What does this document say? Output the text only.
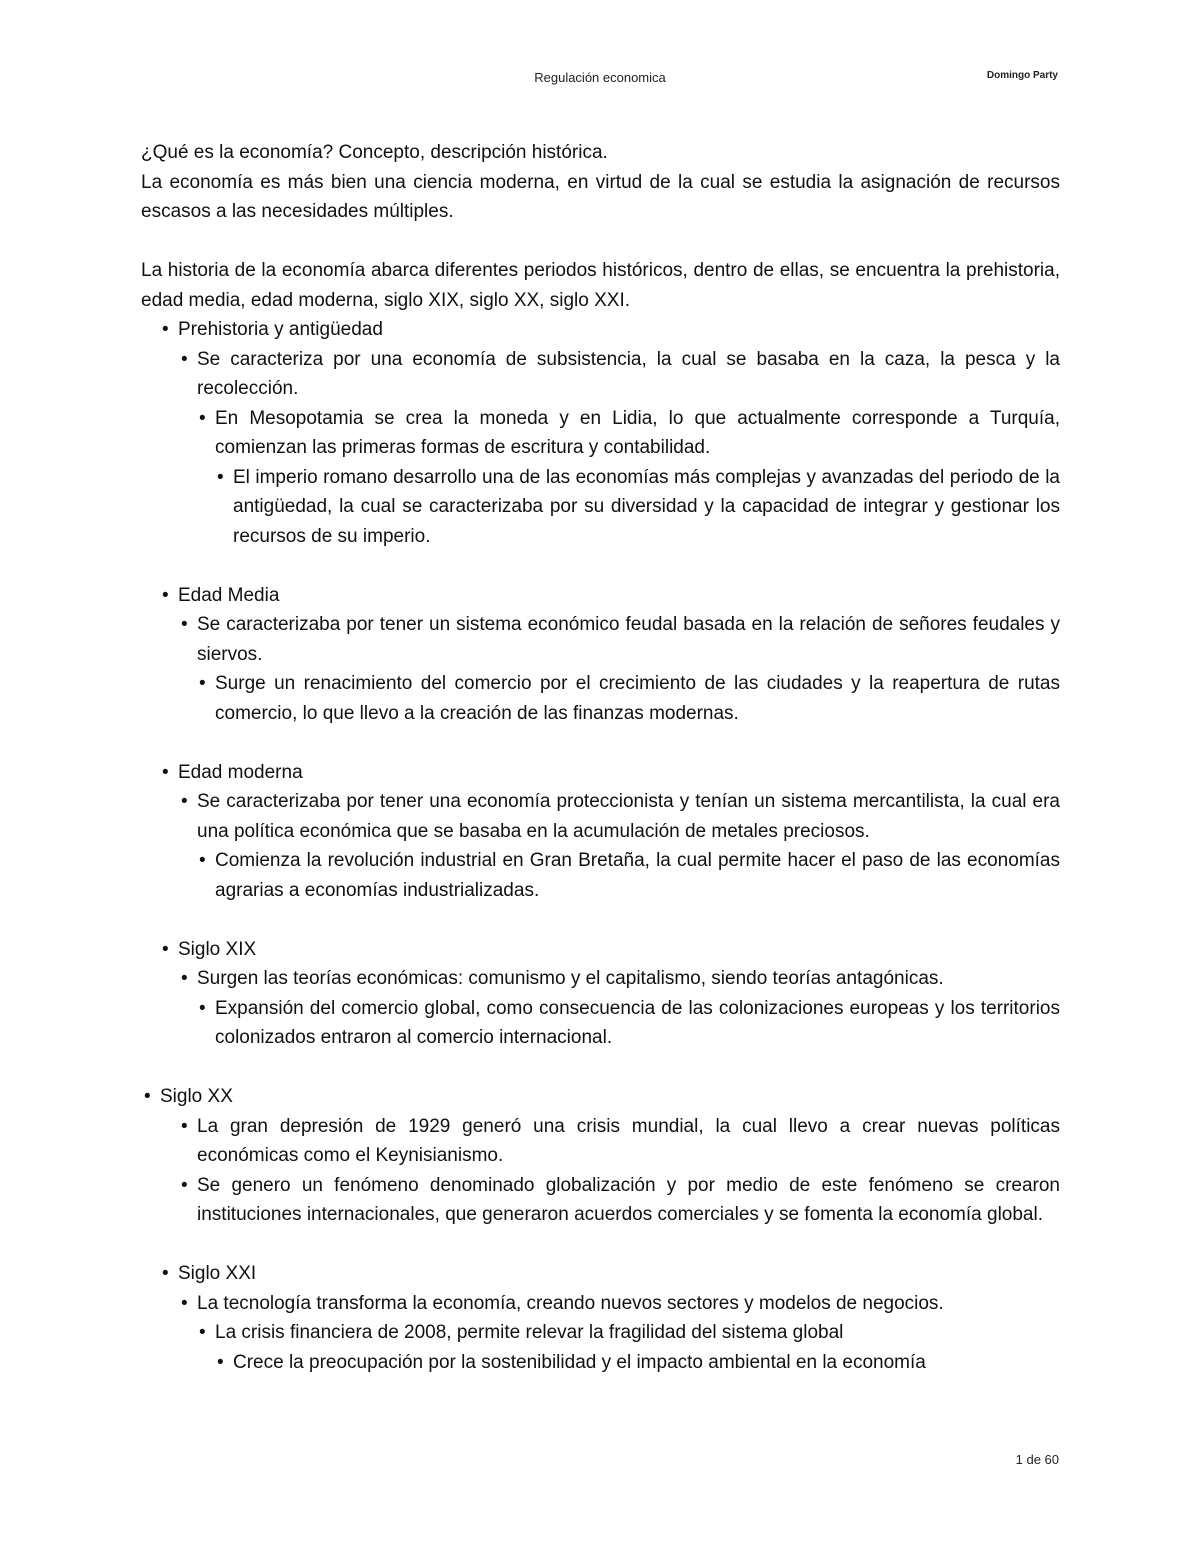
Regulación economica	Domingo Party

¿Qué es la economía? Concepto, descripción histórica.

La economía es más bien una ciencia moderna, en virtud de la cual se estudia la asignación de recursos escasos a las necesidades múltiples.

La historia de la economía abarca diferentes periodos históricos, dentro de ellas, se encuentra la prehistoria, edad media, edad moderna, siglo XIX, siglo XX, siglo XXI.

• Prehistoria y antigüedad
• Se caracteriza por una economía de subsistencia, la cual se basaba en la caza, la pesca y la recolección.
• En Mesopotamia se crea la moneda y en Lidia, lo que actualmente corresponde a Turquía, comienzan las primeras formas de escritura y contabilidad.
• El imperio romano desarrollo una de las economías más complejas y avanzadas del periodo de la antigüedad, la cual se caracterizaba por su diversidad y la capacidad de integrar y gestionar los recursos de su imperio.
• Edad Media
• Se caracterizaba por tener un sistema económico feudal basada en la relación de señores feudales y siervos.
• Surge un renacimiento del comercio por el crecimiento de las ciudades y la reapertura de rutas comercio, lo que llevo a la creación de las finanzas modernas.
• Edad moderna
• Se caracterizaba por tener una economía proteccionista y tenían un sistema mercantilista, la cual era una política económica que se basaba en la acumulación de metales preciosos.
• Comienza la revolución industrial en Gran Bretaña, la cual permite hacer el paso de las economías agrarias a economías industrializadas.
• Siglo XIX
• Surgen las teorías económicas: comunismo y el capitalismo, siendo teorías antagónicas.
• Expansión del comercio global, como consecuencia de las colonizaciones europeas y los territorios colonizados entraron al comercio internacional.
• Siglo XX
• La gran depresión de 1929 generó una crisis mundial, la cual llevo a crear nuevas políticas económicas como el Keynisianismo.
• Se genero un fenómeno denominado globalización y por medio de este fenómeno se crearon instituciones internacionales, que generaron acuerdos comerciales y se fomenta la economía global.
• Siglo XXI
• La tecnología transforma la economía, creando nuevos sectores y modelos de negocios.
• La crisis financiera de 2008, permite relevar la fragilidad del sistema global
• Crece la preocupación por la sostenibilidad y el impacto ambiental en la economía
1 de 60
